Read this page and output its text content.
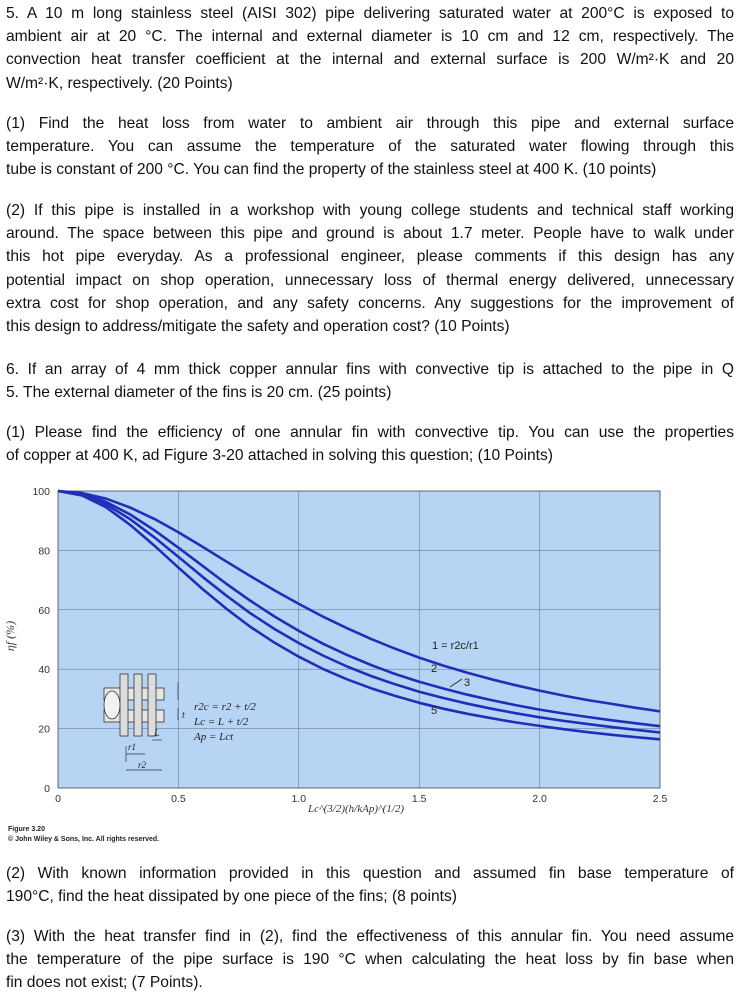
5. A 10 m long stainless steel (AISI 302) pipe delivering saturated water at 200°C is exposed to
ambient air at 20 °C. The internal and external diameter is 10 cm and 12 cm, respectively. The
convection heat transfer coefficient at the internal and external surface is 200 W/m²·K and 20
W/m²·K, respectively. (20 Points)
(1) Find the heat loss from water to ambient air through this pipe and external surface
temperature. You can assume the temperature of the saturated water flowing through this
tube is constant of 200 °C. You can find the property of the stainless steel at 400 K. (10 points)
(2) If this pipe is installed in a workshop with young college students and technical staff working
around. The space between this pipe and ground is about 1.7 meter. People have to walk under
this hot pipe everyday. As a professional engineer, please comments if this design has any
potential impact on shop operation, unnecessary loss of thermal energy delivered, unnecessary
extra cost for shop operation, and any safety concerns. Any suggestions for the improvement of
this design to address/mitigate the safety and operation cost? (10 Points)
6. If an array of 4 mm thick copper annular fins with convective tip is attached to the pipe in Q
5. The external diameter of the fins is 20 cm. (25 points)
(1) Please find the efficiency of one annular fin with convective tip. You can use the properties
of copper at 400 K, ad Figure 3-20 attached in solving this question; (10 Points)
0	0.5	1.0	1.5	2.0	2.5
0
20
40
60
80
100
ηf (%)
Lc^(3/2)(h/kAp)^(1/2)
1 = r2c/r1
2
3
5
t
L
r1
r2
r2c = r2 + t/2
Lc = L + t/2
Ap = Lct
Figure 3.20
© John Wiley & Sons, Inc. All rights reserved.
(2) With known information provided in this question and assumed fin base temperature of
190°C, find the heat dissipated by one piece of the fins; (8 points)
(3) With the heat transfer find in (2), find the effectiveness of this annular fin. You need assume
the temperature of the pipe surface is 190 °C when calculating the heat loss by fin base when
fin does not exist; (7 Points).
